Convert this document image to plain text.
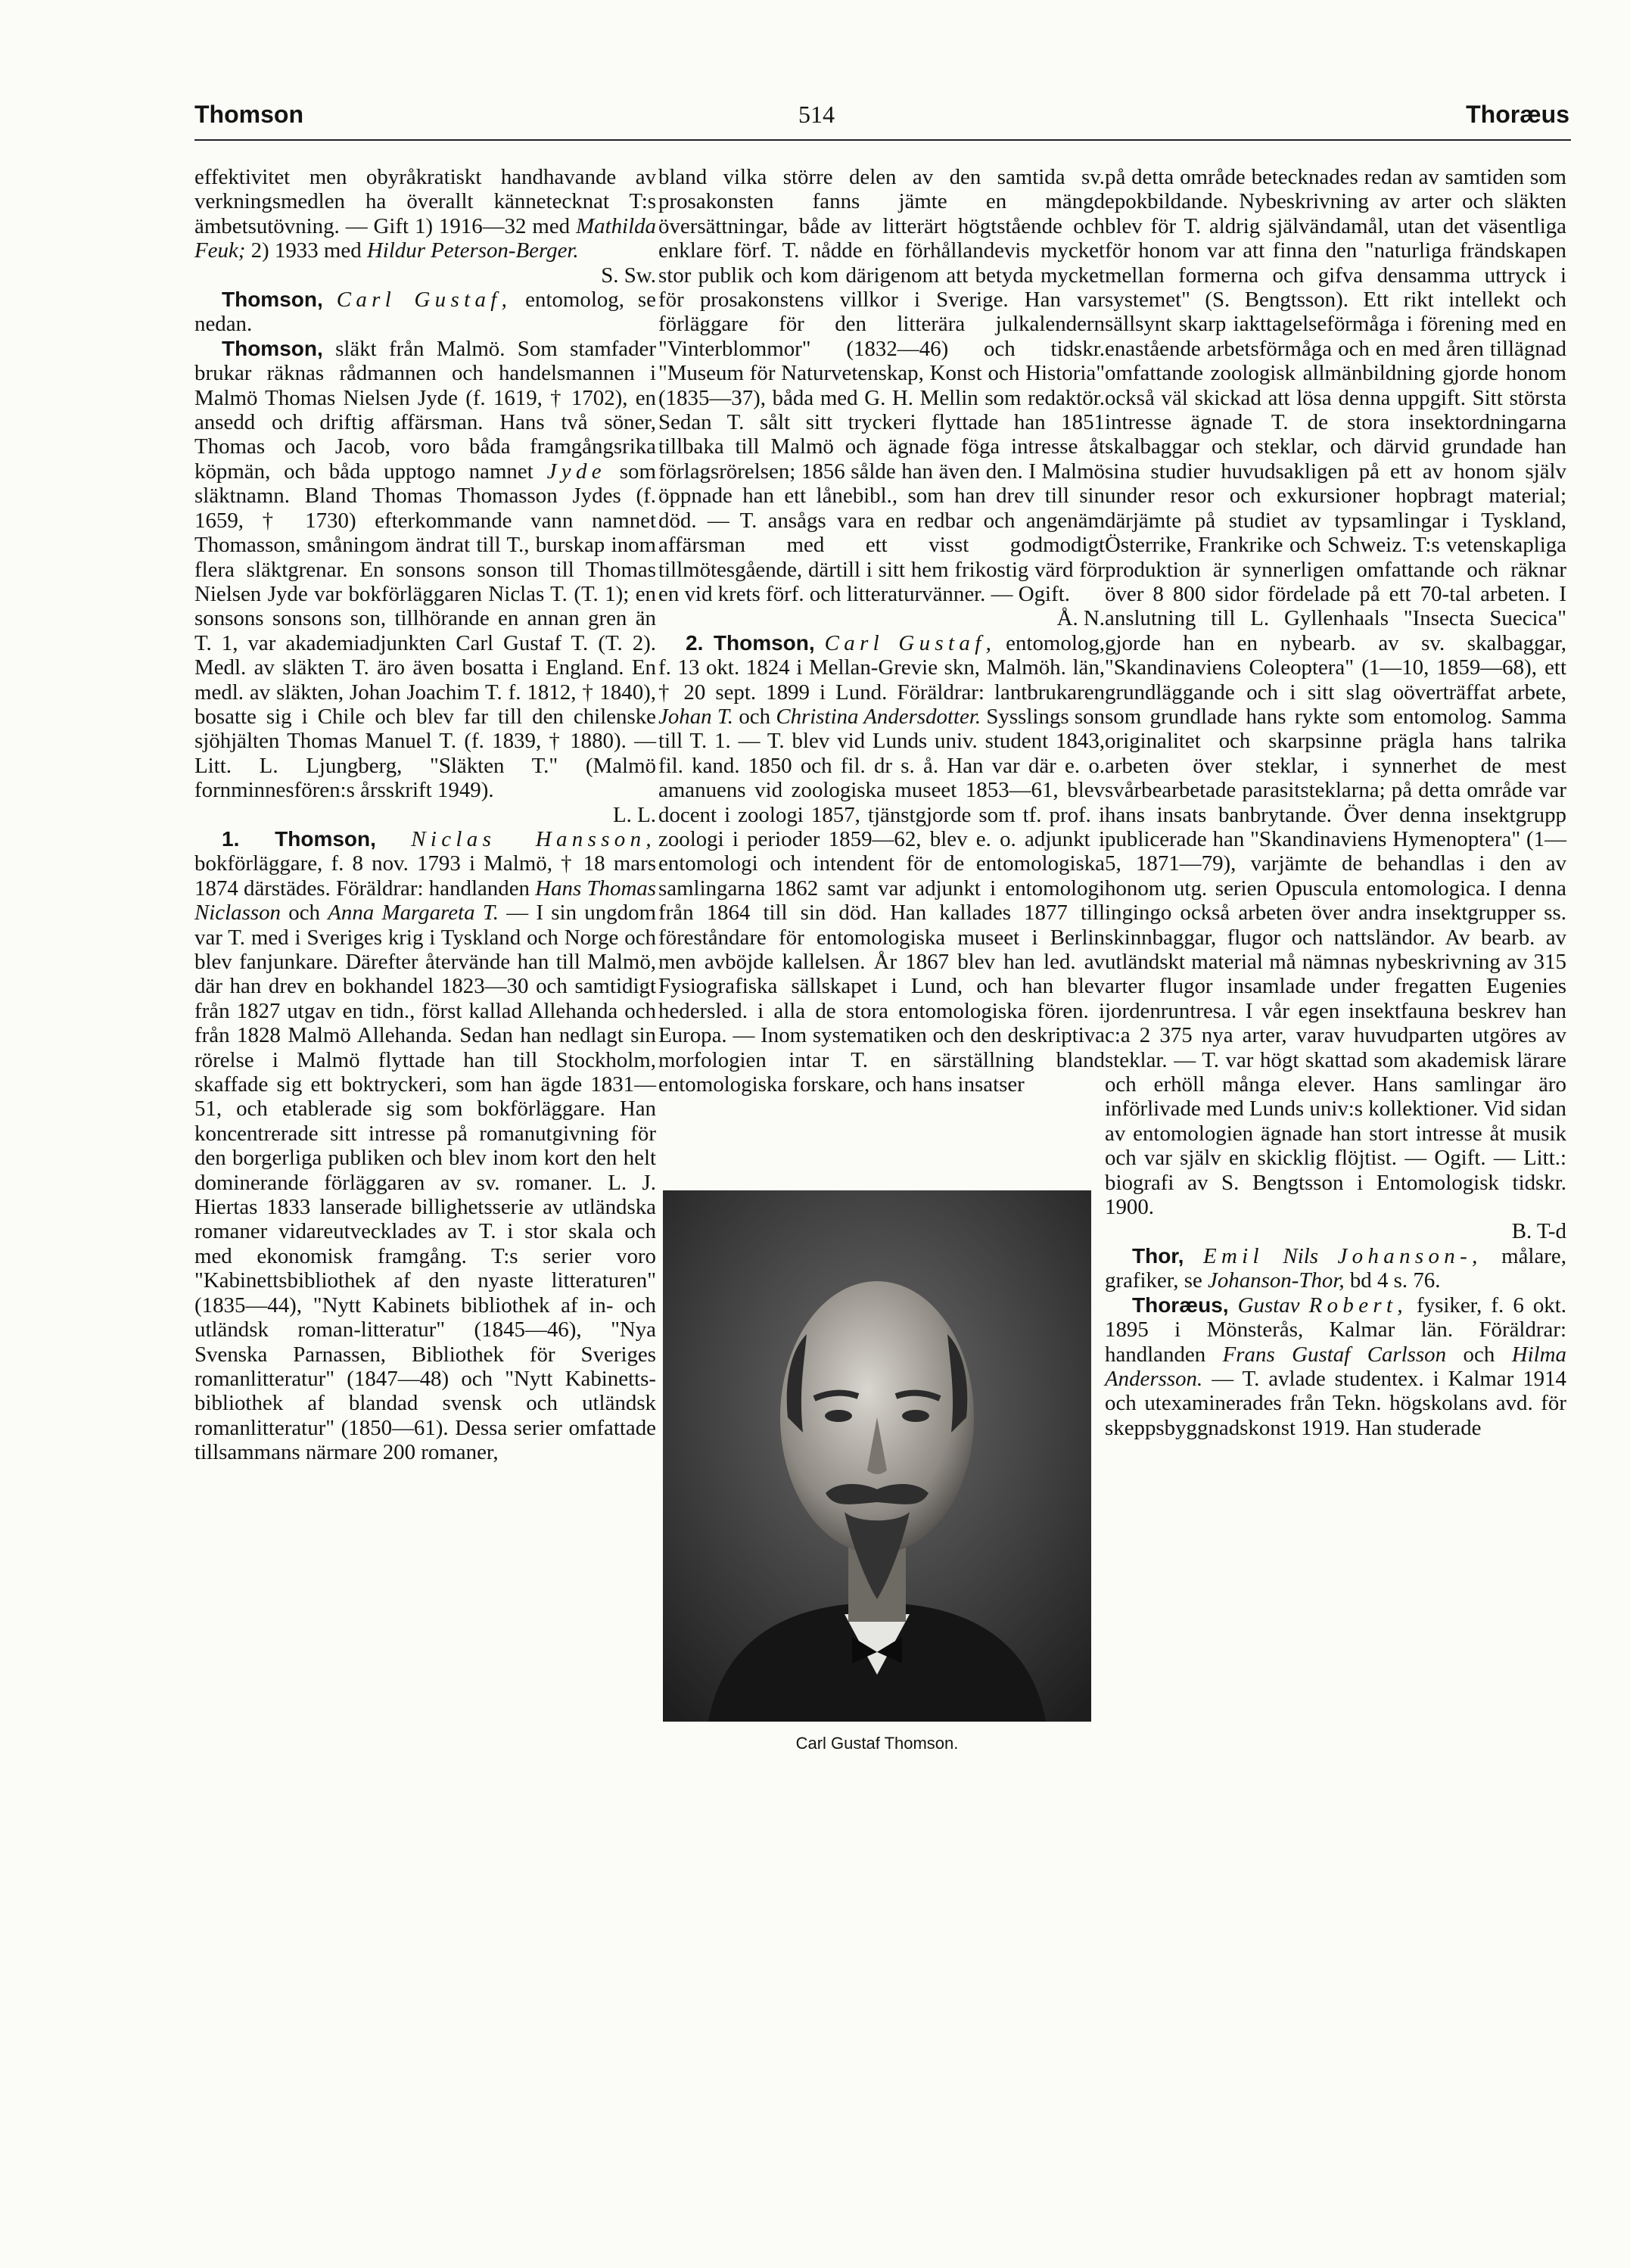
Thomson	514	Thoræus

effektivitet men obyråkratiskt handhavande av verkningsmedlen ha överallt kännetecknat T:s ämbetsutövning. — Gift 1) 1916—32 med Mathilda Feuk; 2) 1933 med Hildur Peterson-Berger.

S. Sw.

Thomson, Carl Gustaf, entomolog, se nedan.

Thomson, släkt från Malmö. Som stamfader brukar räknas rådmannen och handelsmannen i Malmö Thomas Nielsen Jyde (f. 1619, † 1702), en ansedd och driftig affärsman. Hans två söner, Thomas och Jacob, voro båda framgångsrika köpmän, och båda upptogo namnet Jyde som släktnamn. Bland Thomas Thomasson Jydes (f. 1659, † 1730) efterkommande vann namnet Thomasson, småningom ändrat till T., burskap inom flera släktgrenar. En sonsons sonson till Thomas Nielsen Jyde var bokförläggaren Niclas T. (T. 1); en sonsons sonsons son, tillhörande en annan gren än T. 1, var akademiadjunkten Carl Gustaf T. (T. 2). Medl. av släkten T. äro även bosatta i England. En medl. av släkten, Johan Joachim T. f. 1812, † 1840), bosatte sig i Chile och blev far till den chilenske sjöhjälten Thomas Manuel T. (f. 1839, † 1880). — Litt. L. Ljungberg, "Släkten T." (Malmö fornminnesfören:s årsskrift 1949).

L. L.

1. Thomson, Niclas Hansson, bokförläggare, f. 8 nov. 1793 i Malmö, † 18 mars 1874 därstädes. Föräldrar: handlanden Hans Thomas Niclasson och Anna Margareta T. — I sin ungdom var T. med i Sveriges krig i Tyskland och Norge och blev fanjunkare. Därefter återvände han till Malmö, där han drev en bokhandel 1823—30 och samtidigt från 1827 utgav en tidn., först kallad Allehanda och från 1828 Malmö Allehanda. Sedan han nedlagt sin rörelse i Malmö flyttade han till Stockholm, skaffade sig ett boktryckeri, som han ägde 1831—51, och etablerade sig som bokförläggare. Han koncentrerade sitt intresse på romanutgivning för den borgerliga publiken och blev inom kort den helt dominerande förläggaren av sv. romaner. L. J. Hiertas 1833 lanserade billighetsserie av utländska romaner vidareutvecklades av T. i stor skala och med ekonomisk framgång. T:s serier voro "Kabinettsbibliothek af den nyaste litteraturen" (1835—44), "Nytt Kabinets bibliothek af in- och utländsk roman-litteratur" (1845—46), "Nya Svenska Parnassen, Bibliothek för Sveriges romanlitteratur" (1847—48) och "Nytt Kabinetts-bibliothek af blandad svensk och utländsk romanlitteratur" (1850—61). Dessa serier omfattade tillsammans närmare 200 romaner,

bland vilka större delen av den samtida sv. prosakonsten fanns jämte en mängd översättningar, både av litterärt högtstående och enklare förf. T. nådde en förhållandevis mycket stor publik och kom därigenom att betyda mycket för prosakonstens villkor i Sverige. Han var förläggare för den litterära julkalendern "Vinterblommor" (1832—46) och tidskr. "Museum för Naturvetenskap, Konst och Historia" (1835—37), båda med G. H. Mellin som redaktör. Sedan T. sålt sitt tryckeri flyttade han 1851 tillbaka till Malmö och ägnade föga intresse åt förlagsrörelsen; 1856 sålde han även den. I Malmö öppnade han ett lånebibl., som han drev till sin död. — T. ansågs vara en redbar och angenäm affärsman med ett visst godmodigt tillmötesgående, därtill i sitt hem frikostig värd för en vid krets förf. och litteraturvänner. — Ogift.

Å. N.

2. Thomson, Carl Gustaf, entomolog, f. 13 okt. 1824 i Mellan-Grevie skn, Malmöh. län, † 20 sept. 1899 i Lund. Föräldrar: lantbrukaren Johan T. och Christina Andersdotter. Sysslings son till T. 1. — T. blev vid Lunds univ. student 1843, fil. kand. 1850 och fil. dr s. å. Han var där e. o. amanuens vid zoologiska museet 1853—61, blev docent i zoologi 1857, tjänstgjorde som tf. prof. i zoologi i perioder 1859—62, blev e. o. adjunkt i entomologi och intendent för de entomologiska samlingarna 1862 samt var adjunkt i entomologi från 1864 till sin död. Han kallades 1877 till föreståndare för entomologiska museet i Berlin men avböjde kallelsen. År 1867 blev han led. av Fysiografiska sällskapet i Lund, och han blev hedersled. i alla de stora entomologiska fören. i Europa. — Inom systematiken och den deskriptiva morfologien intar T. en särställning bland entomologiska forskare, och hans insatser

Carl Gustaf Thomson.

på detta område betecknades redan av samtiden som epokbildande. Nybeskrivning av arter och släkten blev för T. aldrig självändamål, utan det väsentliga för honom var att finna den "naturliga frändskapen mellan formerna och gifva densamma uttryck i systemet" (S. Bengtsson). Ett rikt intellekt och sällsynt skarp iakttagelseförmåga i förening med en enastående arbetsförmåga och en med åren tillägnad omfattande zoologisk allmänbildning gjorde honom också väl skickad att lösa denna uppgift. Sitt största intresse ägnade T. de stora insektordningarna skalbaggar och steklar, och därvid grundade han sina studier huvudsakligen på ett av honom själv under resor och exkursioner hopbragt material; därjämte på studiet av typsamlingar i Tyskland, Österrike, Frankrike och Schweiz. T:s vetenskapliga produktion är synnerligen omfattande och räknar över 8 800 sidor fördelade på ett 70-tal arbeten. I anslutning till L. Gyllenhaals "Insecta Suecica" gjorde han en nybearb. av sv. skalbaggar, "Skandinaviens Coleoptera" (1—10, 1859—68), ett grundläggande och i sitt slag oöverträffat arbete, som grundlade hans rykte som entomolog. Samma originalitet och skarpsinne prägla hans talrika arbeten över steklar, i synnerhet de mest svårbearbetade parasitsteklarna; på detta område var hans insats banbrytande. Över denna insektgrupp publicerade han "Skandinaviens Hymenoptera" (1—5, 1871—79), varjämte de behandlas i den av honom utg. serien Opuscula entomologica. I denna ingingo också arbeten över andra insektgrupper ss. skinnbaggar, flugor och nattsländor. Av bearb. av utländskt material må nämnas nybeskrivning av 315 arter flugor insamlade under fregatten Eugenies jordenruntresa. I vår egen insektfauna beskrev han c:a 2 375 nya arter, varav huvudparten utgöres av steklar. — T. var högt skattad som akademisk lärare och erhöll många elever. Hans samlingar äro införlivade med Lunds univ:s kollektioner. Vid sidan av entomologien ägnade han stort intresse åt musik och var själv en skicklig flöjtist. — Ogift. — Litt.: biografi av S. Bengtsson i Entomologisk tidskr. 1900.

B. T-d

Thor, Emil Nils Johanson-, målare, grafiker, se Johanson-Thor, bd 4 s. 76.

Thoræus, Gustav Robert, fysiker, f. 6 okt. 1895 i Mönsterås, Kalmar län. Föräldrar: handlanden Frans Gustaf Carlsson och Hilma Andersson. — T. avlade studentex. i Kalmar 1914 och utexaminerades från Tekn. högskolans avd. för skeppsbyggnadskonst 1919. Han studerade
